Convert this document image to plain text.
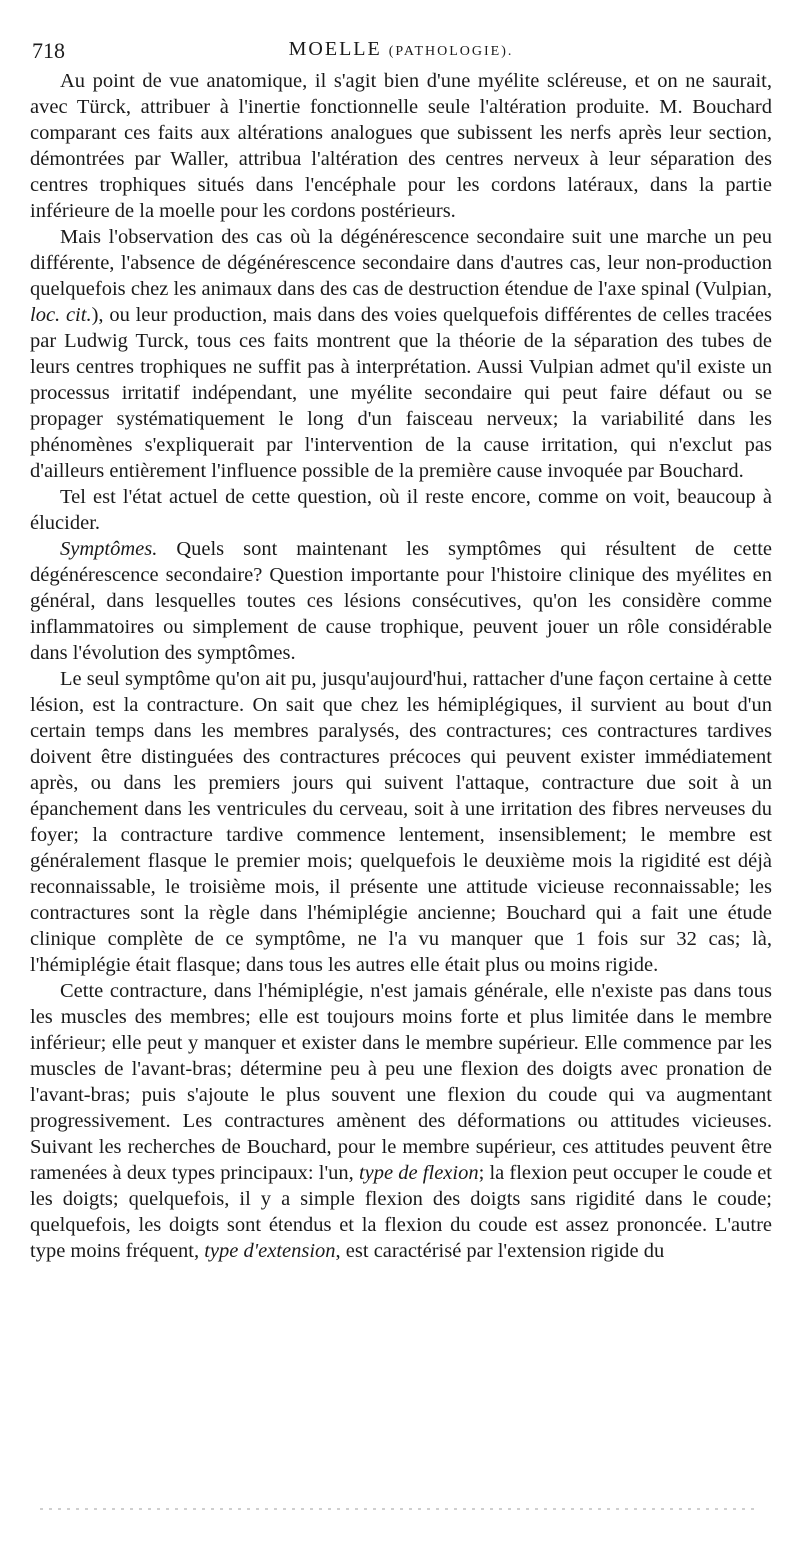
718	MOELLE (PATHOLOGIE).

Au point de vue anatomique, il s'agit bien d'une myélite scléreuse, et on ne saurait, avec Türck, attribuer à l'inertie fonctionnelle seule l'altération produite. M. Bouchard comparant ces faits aux altérations analogues que subissent les nerfs après leur section, démontrées par Waller, attribua l'altération des centres nerveux à leur séparation des centres trophiques situés dans l'encéphale pour les cordons latéraux, dans la partie inférieure de la moelle pour les cordons postérieurs.

Mais l'observation des cas où la dégénérescence secondaire suit une marche un peu différente, l'absence de dégénérescence secondaire dans d'autres cas, leur non-production quelquefois chez les animaux dans des cas de destruction étendue de l'axe spinal (Vulpian, loc. cit.), ou leur production, mais dans des voies quelquefois différentes de celles tracées par Ludwig Turck, tous ces faits montrent que la théorie de la séparation des tubes de leurs centres trophiques ne suffit pas à interprétation. Aussi Vulpian admet qu'il existe un processus irritatif indépendant, une myélite secondaire qui peut faire défaut ou se propager systématiquement le long d'un faisceau nerveux; la variabilité dans les phénomènes s'expliquerait par l'intervention de la cause irritation, qui n'exclut pas d'ailleurs entièrement l'influence possible de la première cause invoquée par Bouchard.

Tel est l'état actuel de cette question, où il reste encore, comme on voit, beaucoup à élucider.

Symptômes. Quels sont maintenant les symptômes qui résultent de cette dégénérescence secondaire? Question importante pour l'histoire clinique des myélites en général, dans lesquelles toutes ces lésions consécutives, qu'on les considère comme inflammatoires ou simplement de cause trophique, peuvent jouer un rôle considérable dans l'évolution des symptômes.

Le seul symptôme qu'on ait pu, jusqu'aujourd'hui, rattacher d'une façon certaine à cette lésion, est la contracture. On sait que chez les hémiplégiques, il survient au bout d'un certain temps dans les membres paralysés, des contractures; ces contractures tardives doivent être distinguées des contractures précoces qui peuvent exister immédiatement après, ou dans les premiers jours qui suivent l'attaque, contracture due soit à un épanchement dans les ventricules du cerveau, soit à une irritation des fibres nerveuses du foyer; la contracture tardive commence lentement, insensiblement; le membre est généralement flasque le premier mois; quelquefois le deuxième mois la rigidité est déjà reconnaissable, le troisième mois, il présente une attitude vicieuse reconnaissable; les contractures sont la règle dans l'hémiplégie ancienne; Bouchard qui a fait une étude clinique complète de ce symptôme, ne l'a vu manquer que 1 fois sur 32 cas; là, l'hémiplégie était flasque; dans tous les autres elle était plus ou moins rigide.

Cette contracture, dans l'hémiplégie, n'est jamais générale, elle n'existe pas dans tous les muscles des membres; elle est toujours moins forte et plus limitée dans le membre inférieur; elle peut y manquer et exister dans le membre supérieur. Elle commence par les muscles de l'avant-bras; détermine peu à peu une flexion des doigts avec pronation de l'avant-bras; puis s'ajoute le plus souvent une flexion du coude qui va augmentant progressivement. Les contractures amènent des déformations ou attitudes vicieuses. Suivant les recherches de Bouchard, pour le membre supérieur, ces attitudes peuvent être ramenées à deux types principaux: l'un, type de flexion; la flexion peut occuper le coude et les doigts; quelquefois, il y a simple flexion des doigts sans rigidité dans le coude; quelquefois, les doigts sont étendus et la flexion du coude est assez prononcée. L'autre type moins fréquent, type d'extension, est caractérisé par l'extension rigide du
